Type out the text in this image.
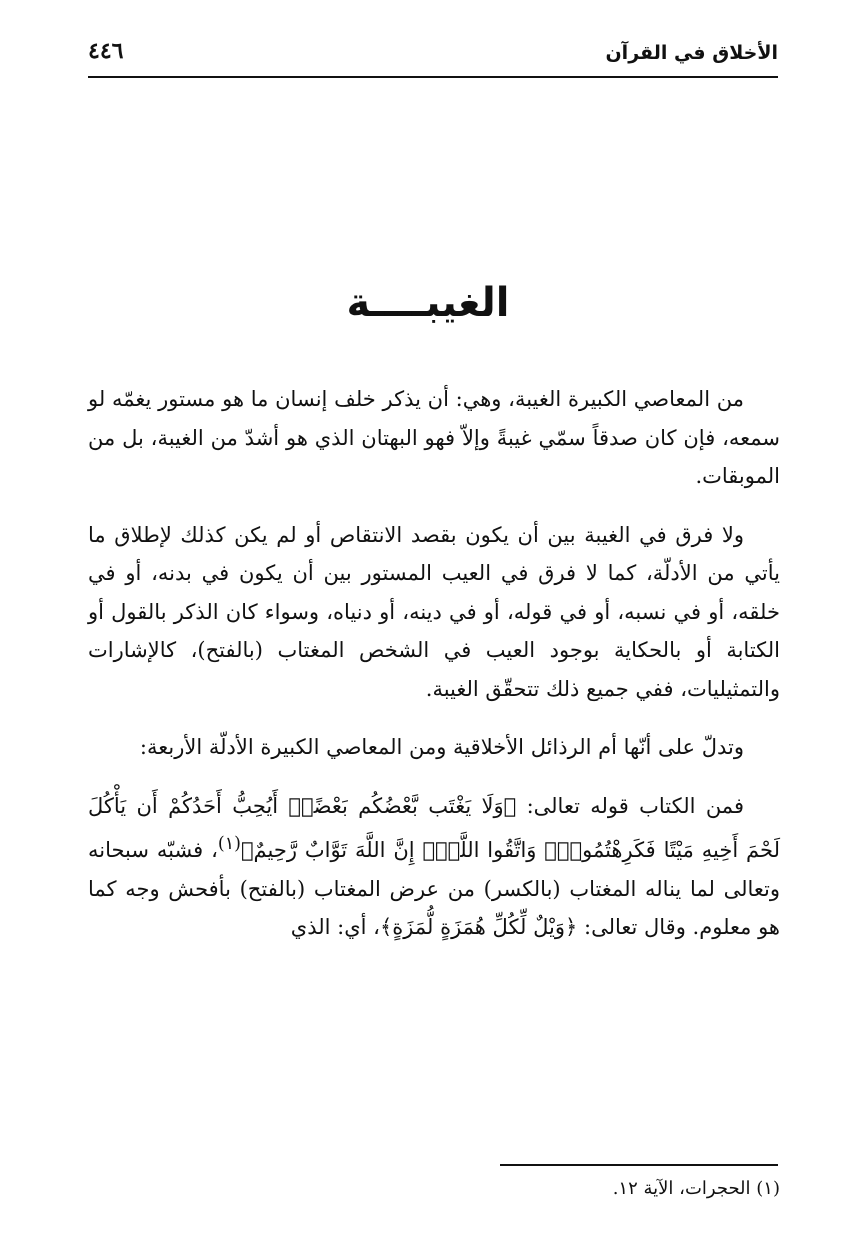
الأخلاق في القرآن
٤٤٦
الغيبــــة

من المعاصي الكبيرة الغيبة، وهي: أن يذكر خلف إنسان ما هو مستور يغمّه لو سمعه، فإن كان صدقاً سمّي غيبةً وإلاّ فهو البهتان الذي هو أشدّ من الغيبة، بل من الموبقات.

ولا فرق في الغيبة بين أن يكون بقصد الانتقاص أو لم يكن كذلك لإطلاق ما يأتي من الأدلّة، كما لا فرق في العيب المستور بين أن يكون في بدنه، أو في خلقه، أو في نسبه، أو في قوله، أو في دينه، أو دنياه، وسواء كان الذكر بالقول أو الكتابة أو بالحكاية بوجود العيب في الشخص المغتاب (بالفتح)، كالإشارات والتمثيليات، ففي جميع ذلك تتحقّق الغيبة.

وتدلّ على أنّها أم الرذائل الأخلاقية ومن المعاصي الكبيرة الأدلّة الأربعة:

فمن الكتاب قوله تعالى: ﴿وَلَا يَغْتَب بَّعْضُكُم بَعْضًاۚ أَيُحِبُّ أَحَدُكُمْ أَن يَأْكُلَ لَحْمَ أَخِيهِ مَيْتًا فَكَرِهْتُمُوهُۚ وَاتَّقُوا اللَّهَۚ إِنَّ اللَّهَ تَوَّابٌ رَّحِيمٌ﴾$^{(١)}$، فشبّه سبحانه وتعالى لما يناله المغتاب (بالكسر) من عرض المغتاب (بالفتح) بأفحش وجه كما هو معلوم. وقال تعالى: ﴿وَيْلٌ لِّكُلِّ هُمَزَةٍ لُّمَزَةٍ﴾، أي: الذي

(١) الحجرات، الآية ١٢.
